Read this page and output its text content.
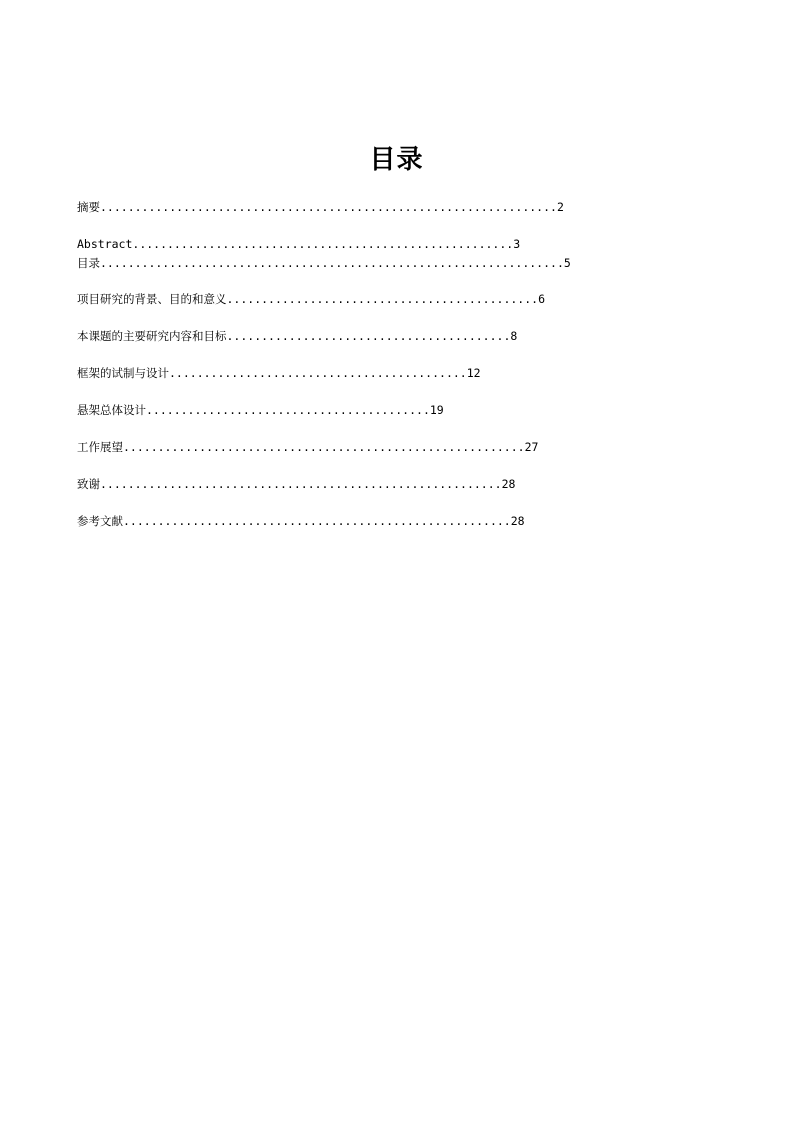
目录
摘要..................................................................2
Abstract.......................................................3
目录...................................................................5
项目研究的背景、目的和意义.............................................6
本课题的主要研究内容和目标.........................................8
框架的试制与设计...........................................12
悬架总体设计.........................................19
工作展望..........................................................27
致谢..........................................................28
参考文献........................................................28
